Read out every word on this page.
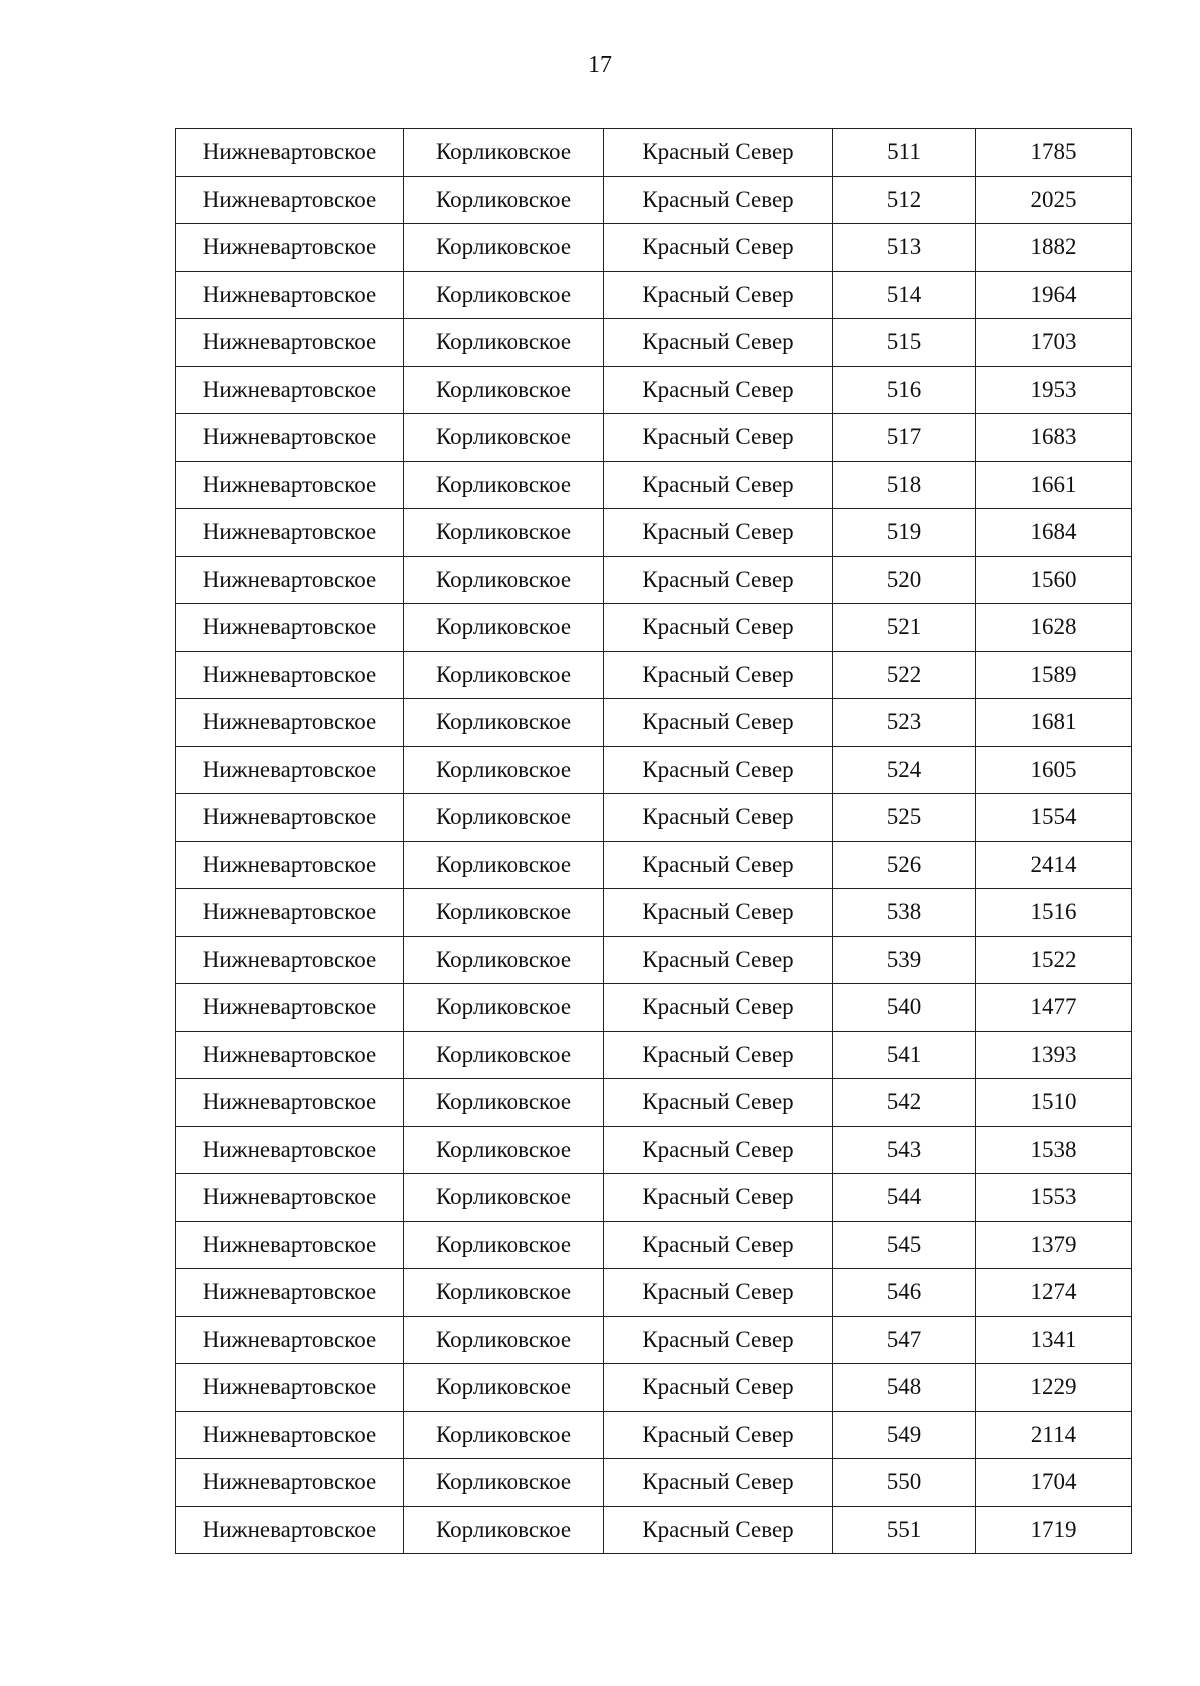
17
Нижневартовское	Корликовское	Красный Север	511	1785
Нижневартовское	Корликовское	Красный Север	512	2025
Нижневартовское	Корликовское	Красный Север	513	1882
Нижневартовское	Корликовское	Красный Север	514	1964
Нижневартовское	Корликовское	Красный Север	515	1703
Нижневартовское	Корликовское	Красный Север	516	1953
Нижневартовское	Корликовское	Красный Север	517	1683
Нижневартовское	Корликовское	Красный Север	518	1661
Нижневартовское	Корликовское	Красный Север	519	1684
Нижневартовское	Корликовское	Красный Север	520	1560
Нижневартовское	Корликовское	Красный Север	521	1628
Нижневартовское	Корликовское	Красный Север	522	1589
Нижневартовское	Корликовское	Красный Север	523	1681
Нижневартовское	Корликовское	Красный Север	524	1605
Нижневартовское	Корликовское	Красный Север	525	1554
Нижневартовское	Корликовское	Красный Север	526	2414
Нижневартовское	Корликовское	Красный Север	538	1516
Нижневартовское	Корликовское	Красный Север	539	1522
Нижневартовское	Корликовское	Красный Север	540	1477
Нижневартовское	Корликовское	Красный Север	541	1393
Нижневартовское	Корликовское	Красный Север	542	1510
Нижневартовское	Корликовское	Красный Север	543	1538
Нижневартовское	Корликовское	Красный Север	544	1553
Нижневартовское	Корликовское	Красный Север	545	1379
Нижневартовское	Корликовское	Красный Север	546	1274
Нижневартовское	Корликовское	Красный Север	547	1341
Нижневартовское	Корликовское	Красный Север	548	1229
Нижневартовское	Корликовское	Красный Север	549	2114
Нижневартовское	Корликовское	Красный Север	550	1704
Нижневартовское	Корликовское	Красный Север	551	1719
